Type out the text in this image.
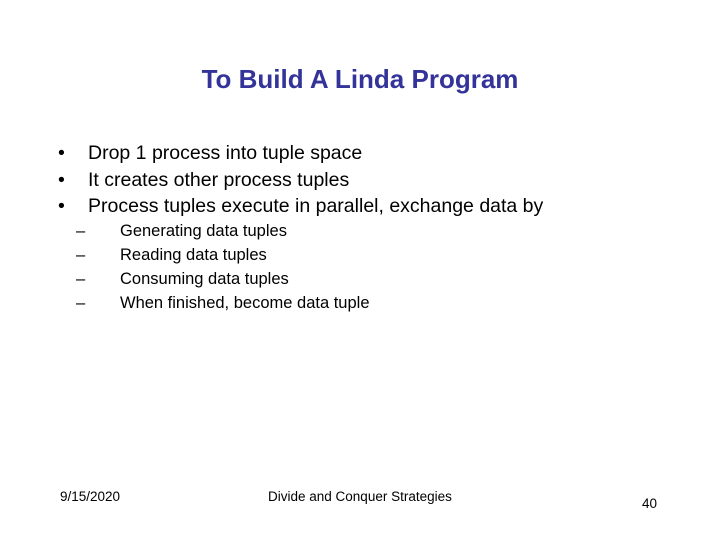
To Build A Linda Program
• Drop 1 process into tuple space
• It creates other process tuples
• Process tuples execute in parallel, exchange data by
– Generating data tuples
– Reading data tuples
– Consuming data tuples
– When finished, become data tuple
9/15/2020	Divide and Conquer Strategies	40
